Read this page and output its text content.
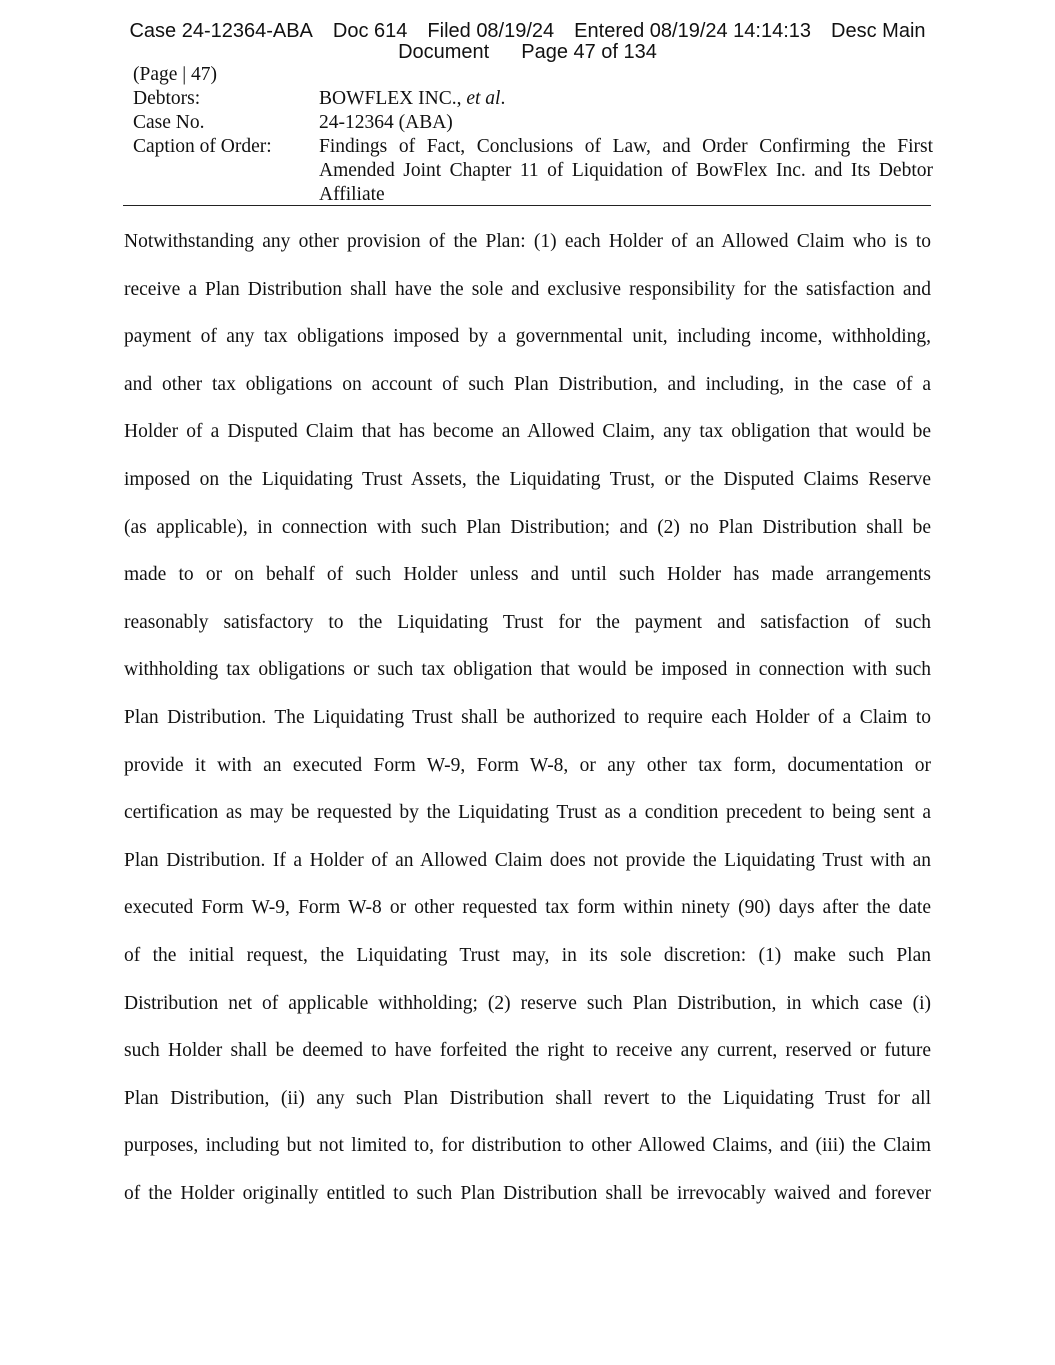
Case 24-12364-ABA Doc 614 Filed 08/19/24 Entered 08/19/24 14:14:13 Desc Main
Document Page 47 of 134
(Page | 47)
Debtors:	BOWFLEX INC., et al.
Case No.	24-12364 (ABA)
Caption of Order:	Findings of Fact, Conclusions of Law, and Order Confirming the First
Amended Joint Chapter 11 of Liquidation of BowFlex Inc. and Its Debtor
Affiliate
Notwithstanding any other provision of the Plan: (1) each Holder of an Allowed Claim who is to
receive a Plan Distribution shall have the sole and exclusive responsibility for the satisfaction and
payment of any tax obligations imposed by a governmental unit, including income, withholding,
and other tax obligations on account of such Plan Distribution, and including, in the case of a
Holder of a Disputed Claim that has become an Allowed Claim, any tax obligation that would be
imposed on the Liquidating Trust Assets, the Liquidating Trust, or the Disputed Claims Reserve
(as applicable), in connection with such Plan Distribution; and (2) no Plan Distribution shall be
made to or on behalf of such Holder unless and until such Holder has made arrangements
reasonably satisfactory to the Liquidating Trust for the payment and satisfaction of such
withholding tax obligations or such tax obligation that would be imposed in connection with such
Plan Distribution. The Liquidating Trust shall be authorized to require each Holder of a Claim to
provide it with an executed Form W-9, Form W-8, or any other tax form, documentation or
certification as may be requested by the Liquidating Trust as a condition precedent to being sent a
Plan Distribution. If a Holder of an Allowed Claim does not provide the Liquidating Trust with an
executed Form W-9, Form W-8 or other requested tax form within ninety (90) days after the date
of the initial request, the Liquidating Trust may, in its sole discretion: (1) make such Plan
Distribution net of applicable withholding; (2) reserve such Plan Distribution, in which case (i)
such Holder shall be deemed to have forfeited the right to receive any current, reserved or future
Plan Distribution, (ii) any such Plan Distribution shall revert to the Liquidating Trust for all
purposes, including but not limited to, for distribution to other Allowed Claims, and (iii) the Claim
of the Holder originally entitled to such Plan Distribution shall be irrevocably waived and forever
